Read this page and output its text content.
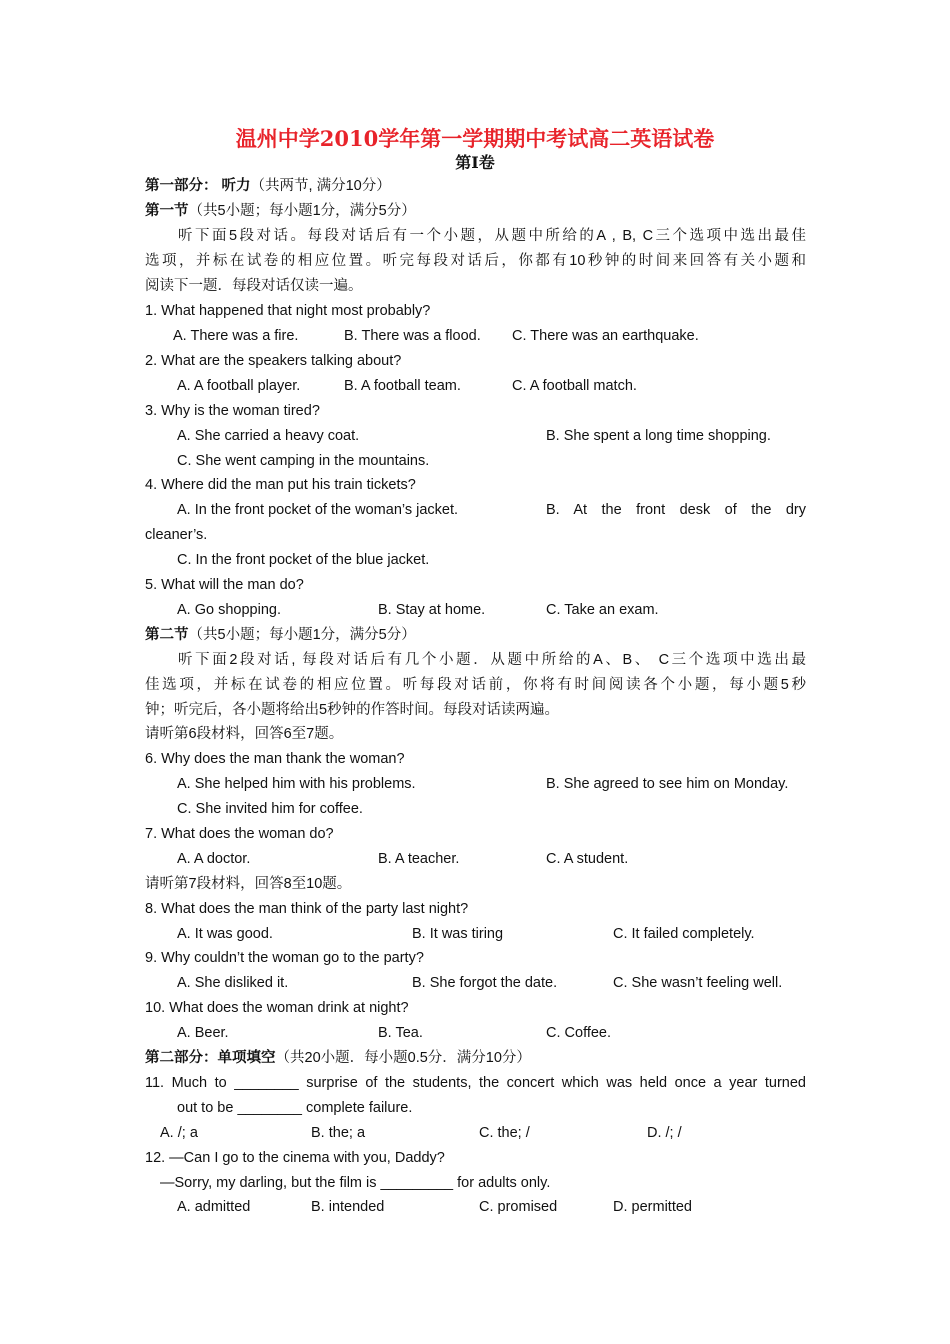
温州中学2010学年第一学期期中考试高二英语试卷
第I卷
第一部分： 听力（共两节, 满分10分）
第一节（共5小题；每小题1分，满分5分）
听下面5段对话。每段对话后有一个小题，从题中所给的A , B, C三个选项中选出最佳
选项，并标在试卷的相应位置。听完每段对话后，你都有10秒钟的时间来回答有关小题和
阅读下一题．每段对话仅读一遍。
1. What happened that night most probably?
A. There was a fire.	B. There was a flood. C. There was an earthquake.
2. What are the speakers talking about?
A. A football player.	B. A football team.	C. A football match.
3. Why is the woman tired?
A. She carried a heavy coat.	B. She spent a long time shopping.
C. She went camping in the mountains.
4. Where did the man put his train tickets?
A. In the front pocket of the woman’s jacket.	B. At the front desk of the dry
cleaner’s.
C. In the front pocket of the blue jacket.
5. What will the man do?
A. Go shopping.	B. Stay at home.	C. Take an exam.
第二节（共5小题；每小题1分，满分5分）
听下面2段对话, 每段对话后有几个小题．从题中所给的A、B、 C三个选项中选出最
佳选项，并标在试卷的相应位置。听每段对话前，你将有时间阅读各个小题，每小题5秒
钟；听完后，各小题将给出5秒钟的作答时间。每段对话读两遍。
请听第6段材料，回答6至7题。
6. Why does the man thank the woman?
A. She helped him with his problems.	B. She agreed to see him on Monday.
C. She invited him for coffee.
7. What does the woman do?
A. A doctor.	B. A teacher.	C. A student.
请听第7段材料，回答8至10题。
8. What does the man think of the party last night?
A. It was good.	B. It was tiring	C. It failed completely.
9. Why couldn’t the woman go to the party?
A. She disliked it.	B. She forgot the date.	C. She wasn’t feeling well.
10. What does the woman drink at night?
A. Beer.	B. Tea.	C. Coffee.
第二部分：单项填空（共20小题．每小题0.5分．满分10分）
11. Much to ________ surprise of the students, the concert which was held once a year turned
out to be ________ complete failure.
A. /; a	B. the; a	C. the; /	D. /; /
12. —Can I go to the cinema with you, Daddy?
—Sorry, my darling, but the film is _________ for adults only.
A. admitted	B. intended	C. promised	D. permitted
